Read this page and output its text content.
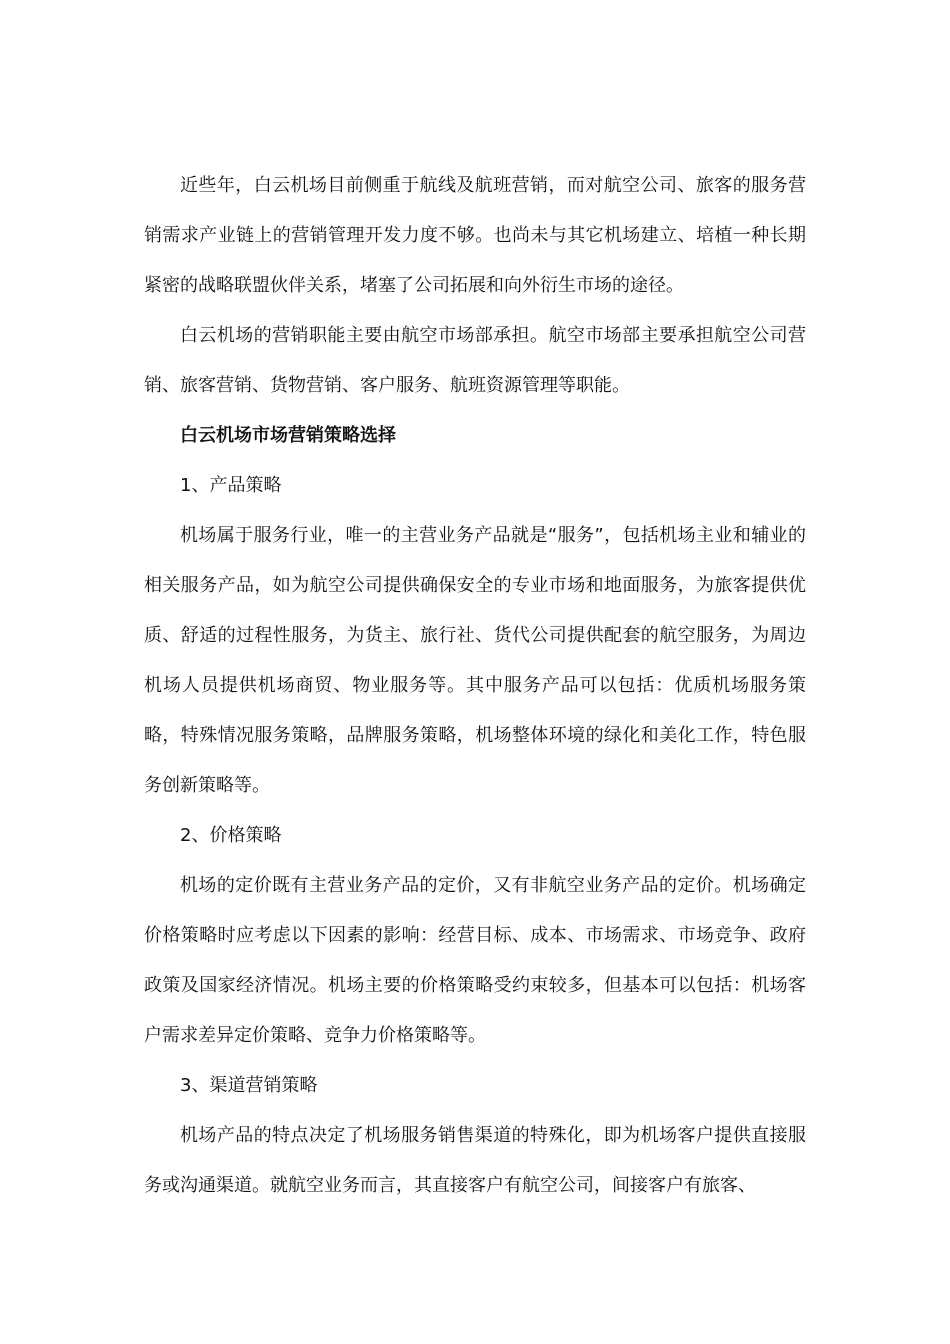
近些年，白云机场目前侧重于航线及航班营销，而对航空公司、旅客的服务营销需求产业链上的营销管理开发力度不够。也尚未与其它机场建立、培植一种长期紧密的战略联盟伙伴关系，堵塞了公司拓展和向外衍生市场的途径。

白云机场的营销职能主要由航空市场部承担。航空市场部主要承担航空公司营销、旅客营销、货物营销、客户服务、航班资源管理等职能。

白云机场市场营销策略选择

1、产品策略

机场属于服务行业，唯一的主营业务产品就是“服务”，包括机场主业和辅业的相关服务产品，如为航空公司提供确保安全的专业市场和地面服务，为旅客提供优质、舒适的过程性服务，为货主、旅行社、货代公司提供配套的航空服务，为周边机场人员提供机场商贸、物业服务等。其中服务产品可以包括：优质机场服务策略，特殊情况服务策略，品牌服务策略，机场整体环境的绿化和美化工作，特色服务创新策略等。

2、价格策略

机场的定价既有主营业务产品的定价，又有非航空业务产品的定价。机场确定价格策略时应考虑以下因素的影响：经营目标、成本、市场需求、市场竞争、政府政策及国家经济情况。机场主要的价格策略受约束较多，但基本可以包括：机场客户需求差异定价策略、竞争力价格策略等。

3、渠道营销策略

机场产品的特点决定了机场服务销售渠道的特殊化，即为机场客户提供直接服务或沟通渠道。就航空业务而言，其直接客户有航空公司，间接客户有旅客、
